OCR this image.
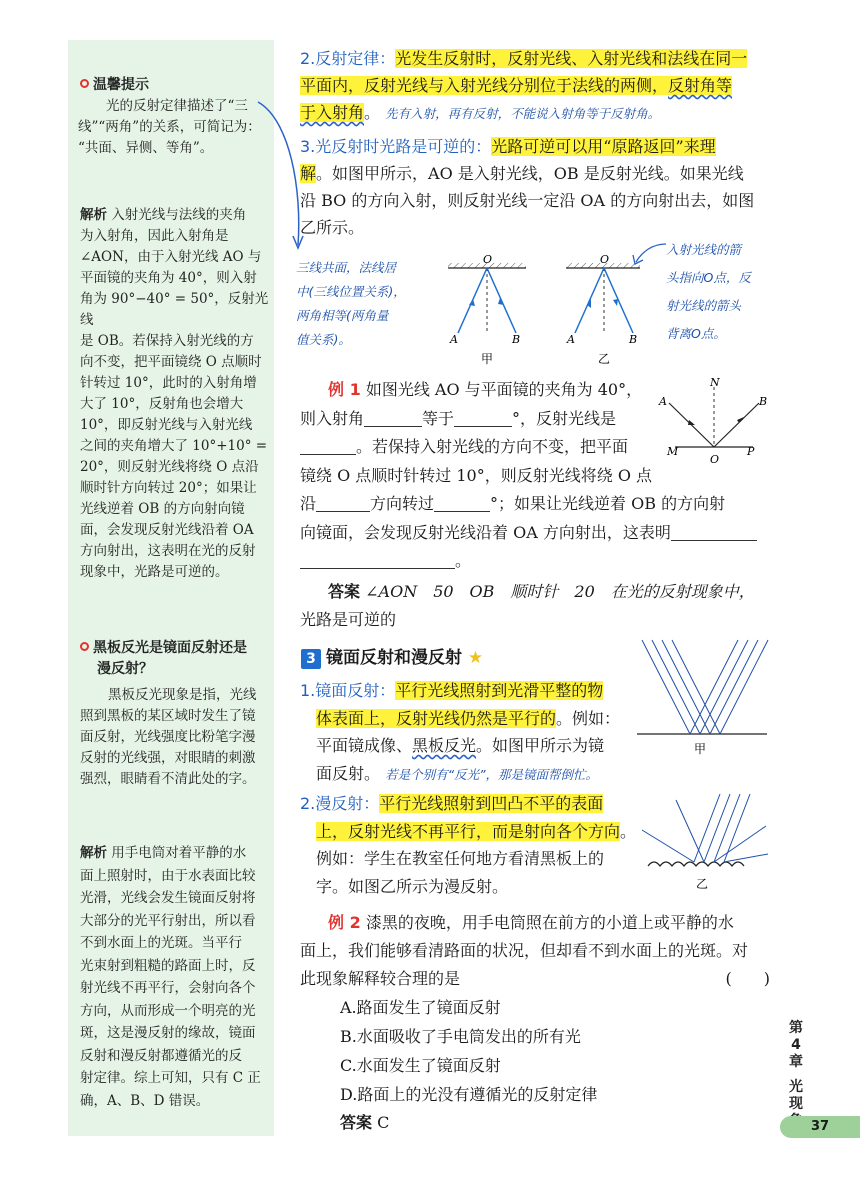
温馨提示
光的反射定律描述了“三
线”“两角”的关系，可简记为：
“共面、异侧、等角”。
解析 入射光线与法线的夹角
为入射角，因此入射角是
∠AON，由于入射光线 AO 与
平面镜的夹角为 40°，则入射
角为 90°−40° = 50°，反射光线
是 OB。若保持入射光线的方
向不变，把平面镜绕 O 点顺时
针转过 10°，此时的入射角增
大了 10°，反射角也会增大
10°，即反射光线与入射光线
之间的夹角增大了 10°+10° =
20°，则反射光线将绕 O 点沿
顺时针方向转过 20°；如果让
光线逆着 OB 的方向射向镜
面，会发现反射光线沿着 OA
方向射出，这表明在光的反射
现象中，光路是可逆的。
黑板反光是镜面反射还是
漫反射？
黑板反光现象是指，光线
照到黑板的某区域时发生了镜
面反射，光线强度比粉笔字漫
反射的光线强，对眼睛的刺激
强烈，眼睛看不清此处的字。
解析 用手电筒对着平静的水
面上照射时，由于水表面比较
光滑，光线会发生镜面反射将
大部分的光平行射出，所以看
不到水面上的光斑。当平行
光束射到粗糙的路面上时，反
射光线不再平行，会射向各个
方向，从而形成一个明亮的光
斑，这是漫反射的缘故，镜面
反射和漫反射都遵循光的反
射定律。综上可知，只有 C 正
确，A、B、D 错误。
2.反射定律：光发生反射时，反射光线、入射光线和法线在同一
平面内，反射光线与入射光线分别位于法线的两侧，反射角等
于入射角。 先有入射，再有反射，不能说入射角等于反射角。
3.光反射时光路是可逆的：光路可逆可以用“原路返回”来理
解。如图甲所示，AO 是入射光线，OB 是反射光线。如果光线
沿 BO 的方向入射，则反射光线一定沿 OA 的方向射出去，如图
乙所示。
三线共面，法线居
中(三线位置关系)，
两角相等(两角量
值关系)。
入射光线的箭
头指向O点，反
射光线的箭头
背离O点。
O
A	B
甲
O
A	B
乙
例 1 如图光线 AO 与平面镜的夹角为 40°，
则入射角	等于	°，反射光线是
。若保持入射光线的方向不变，把平面
镜绕 O 点顺时针转过 10°，则反射光线将绕 O 点
沿	方向转过	°；如果让光线逆着 OB 的方向射
向镜面，会发现反射光线沿着 OA 方向射出，这表明
。
N
A	B
M	P
O
答案 ∠AON　50　OB　顺时针　20　在光的反射现象中，
光路是可逆的
3 镜面反射和漫反射 ★
1.镜面反射：平行光线照射到光滑平整的物
体表面上，反射光线仍然是平行的。例如：
平面镜成像、黑板反光。如图甲所示为镜
面反射。 若是个别有“反光”，那是镜面帮倒忙。
甲
2.漫反射：平行光线照射到凹凸不平的表面
上，反射光线不再平行，而是射向各个方向。
例如：学生在教室任何地方看清黑板上的
字。如图乙所示为漫反射。	乙
例 2 漆黑的夜晚，用手电筒照在前方的小道上或平静的水
面上，我们能够看清路面的状况，但却看不到水面上的光斑。对
此现象解释较合理的是	(　　)
A.路面发生了镜面反射
B.水面吸收了手电筒发出的所有光
C.水面发生了镜面反射
D.路面上的光没有遵循光的反射定律
答案 C
第
4
章
光
现
37
